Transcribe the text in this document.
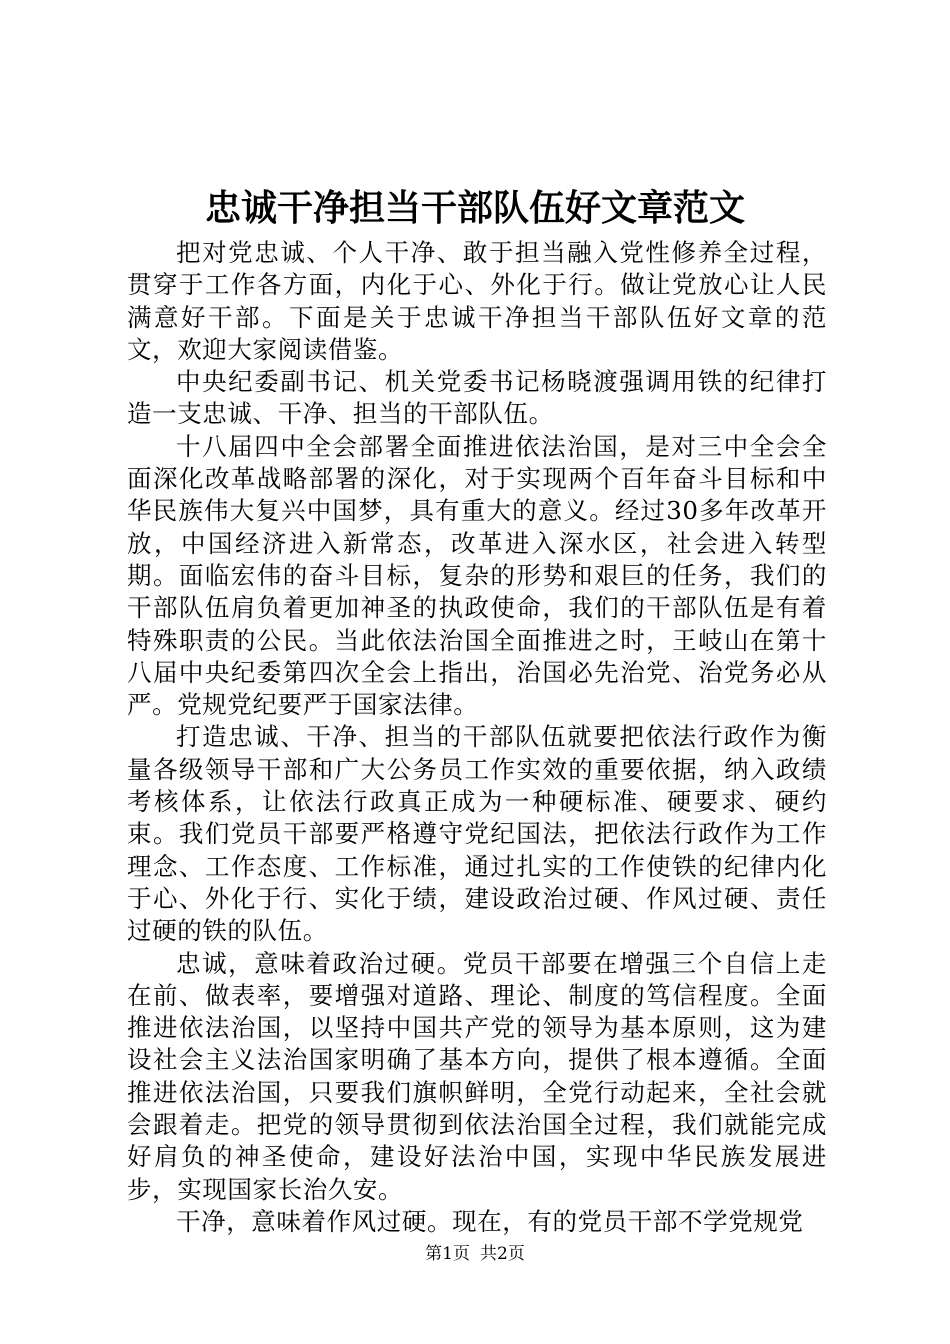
忠诚干净担当干部队伍好文章范文

把对党忠诚、个人干净、敢于担当融入党性修养全过程，贯穿于工作各方面，内化于心、外化于行。做让党放心让人民满意好干部。下面是关于忠诚干净担当干部队伍好文章的范文，欢迎大家阅读借鉴。

中央纪委副书记、机关党委书记杨晓渡强调用铁的纪律打造一支忠诚、干净、担当的干部队伍。

十八届四中全会部署全面推进依法治国，是对三中全会全面深化改革战略部署的深化，对于实现两个百年奋斗目标和中华民族伟大复兴中国梦，具有重大的意义。经过30多年改革开放，中国经济进入新常态，改革进入深水区，社会进入转型期。面临宏伟的奋斗目标，复杂的形势和艰巨的任务，我们的干部队伍肩负着更加神圣的执政使命，我们的干部队伍是有着特殊职责的公民。当此依法治国全面推进之时，王岐山在第十八届中央纪委第四次全会上指出，治国必先治党、治党务必从严。党规党纪要严于国家法律。

打造忠诚、干净、担当的干部队伍就要把依法行政作为衡量各级领导干部和广大公务员工作实效的重要依据，纳入政绩考核体系，让依法行政真正成为一种硬标准、硬要求、硬约束。我们党员干部要严格遵守党纪国法，把依法行政作为工作理念、工作态度、工作标准，通过扎实的工作使铁的纪律内化于心、外化于行、实化于绩，建设政治过硬、作风过硬、责任过硬的铁的队伍。

忠诚，意味着政治过硬。党员干部要在增强三个自信上走在前、做表率，要增强对道路、理论、制度的笃信程度。全面推进依法治国，以坚持中国共产党的领导为基本原则，这为建设社会主义法治国家明确了基本方向，提供了根本遵循。全面推进依法治国，只要我们旗帜鲜明，全党行动起来，全社会就会跟着走。把党的领导贯彻到依法治国全过程，我们就能完成好肩负的神圣使命，建设好法治中国，实现中华民族发展进步，实现国家长治久安。

干净，意味着作风过硬。现在，有的党员干部不学党规党

第1页 共2页
